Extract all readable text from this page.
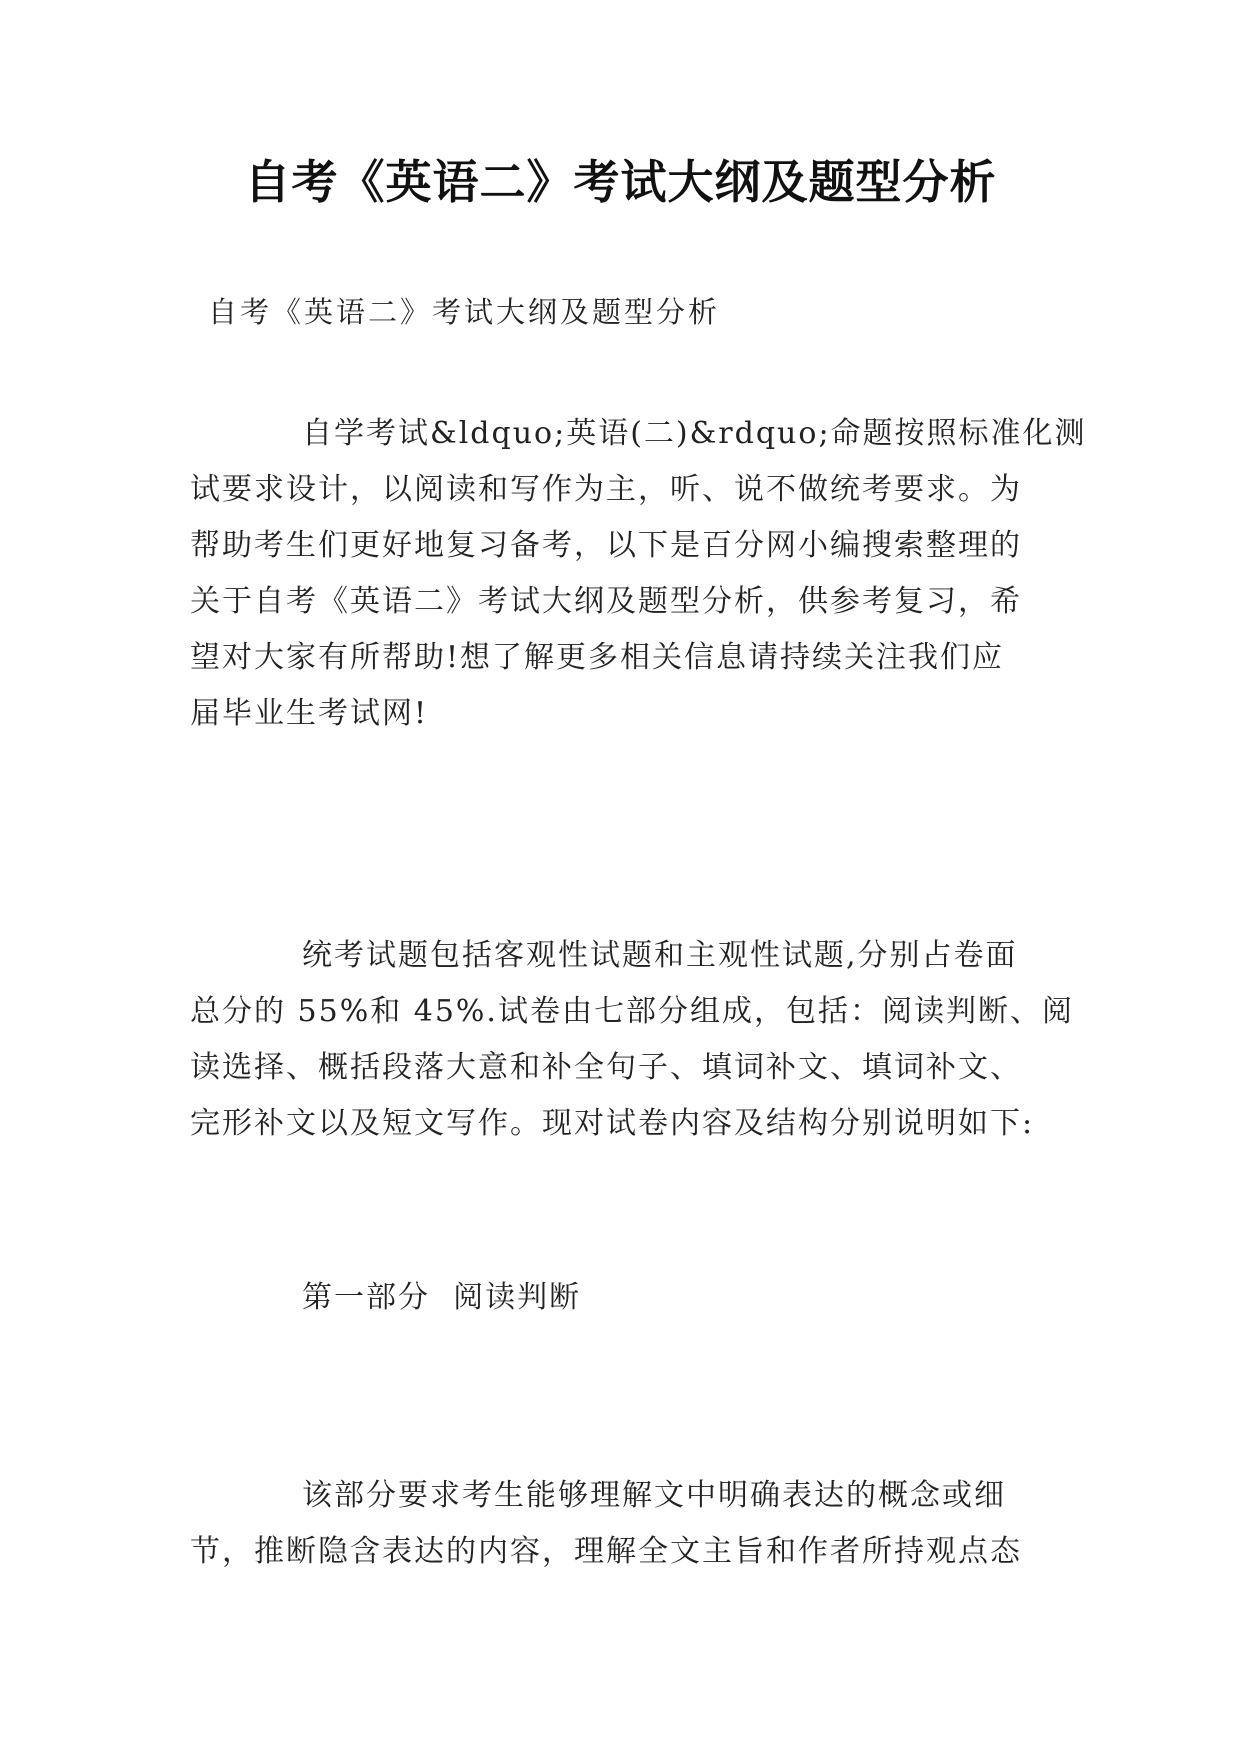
自考《英语二》考试大纲及题型分析
自考《英语二》考试大纲及题型分析
自学考试&ldquo;英语(二)&rdquo;命题按照标准化测
试要求设计，以阅读和写作为主，听、说不做统考要求。为
帮助考生们更好地复习备考，以下是百分网小编搜索整理的
关于自考《英语二》考试大纲及题型分析，供参考复习，希
望对大家有所帮助!想了解更多相关信息请持续关注我们应
届毕业生考试网!
统考试题包括客观性试题和主观性试题,分别占卷面
总分的 55%和 45%.试卷由七部分组成，包括：阅读判断、阅
读选择、概括段落大意和补全句子、填词补文、填词补文、
完形补文以及短文写作。现对试卷内容及结构分别说明如下:
第一部分  阅读判断
该部分要求考生能够理解文中明确表达的概念或细
节，推断隐含表达的内容，理解全文主旨和作者所持观点态
